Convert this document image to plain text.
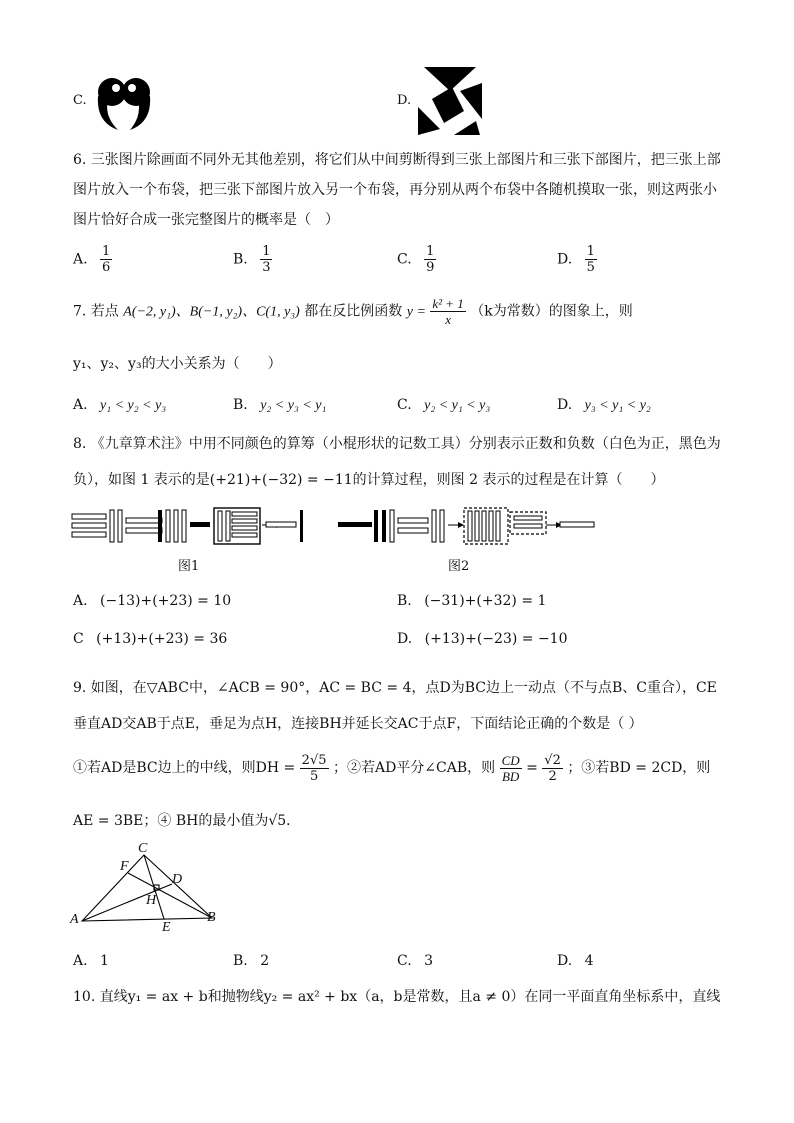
C.	D.
6. 三张图片除画面不同外无其他差别，将它们从中间剪断得到三张上部图片和三张下部图片，把三张上部
图片放入一个布袋，把三张下部图片放入另一个布袋，再分别从两个布袋中各随机摸取一张，则这两张小
图片恰好合成一张完整图片的概率是（　）
A. $\frac{1}{6}$	B. $\frac{1}{3}$	C. $\frac{1}{9}$	D. $\frac{1}{5}$
7. 若点 A(−2, y₁)、B(−1, y₂)、C(1, y₃) 都在反比例函数 $y = \frac{\text{k² + 1}}{x} (k$为常数）的图象上，则
y₁、y₂、y₃的大小关系为（　　）
A. y₁ < y₂ < y₃	B. y₂ < y₃ < y₁	C. y₂ < y₁ < y₃	D. y₃ < y₁ < y₂
8. 《九章算术注》中用不同颜色的算筹（小棍形状的记数工具）分别表示正数和负数（白色为正，黑色为
负），如图 1 表示的是(+21)+(−32) = −11的计算过程，则图 2 表示的过程是在计算（　　）
图1	图2
A. (−13)+(+23) = 10	B. (−31)+(+32) = 1
C (+13)+(+23) = 36	D. (+13)+(−23) = −10
9. 如图，在▽ABC中，∠ACB = 90°，AC = BC = 4，点D为BC边上一动点（不与点B、C重合），CE
垂直AD交AB于点E，垂足为点H，连接BH并延长交AC于点F，下面结论正确的个数是（ ）
①若AD是BC边上的中线，则DH = $\frac{2√5}{5}$ ；②若AD平分∠CAB，则 $\frac{CD}{BD} = \frac{√2}{2}$ ；③若BD = 2CD，则
AE = 3BE；④ BH的最小值为√5．
C
F
D
H
A
E
B
A. 1	B. 2	C. 3	D. 4
10. 直线y₁ = ax + b和抛物线y₂ = ax² + bx（a，b是常数，且a ≠ 0）在同一平面直角坐标系中，直线
